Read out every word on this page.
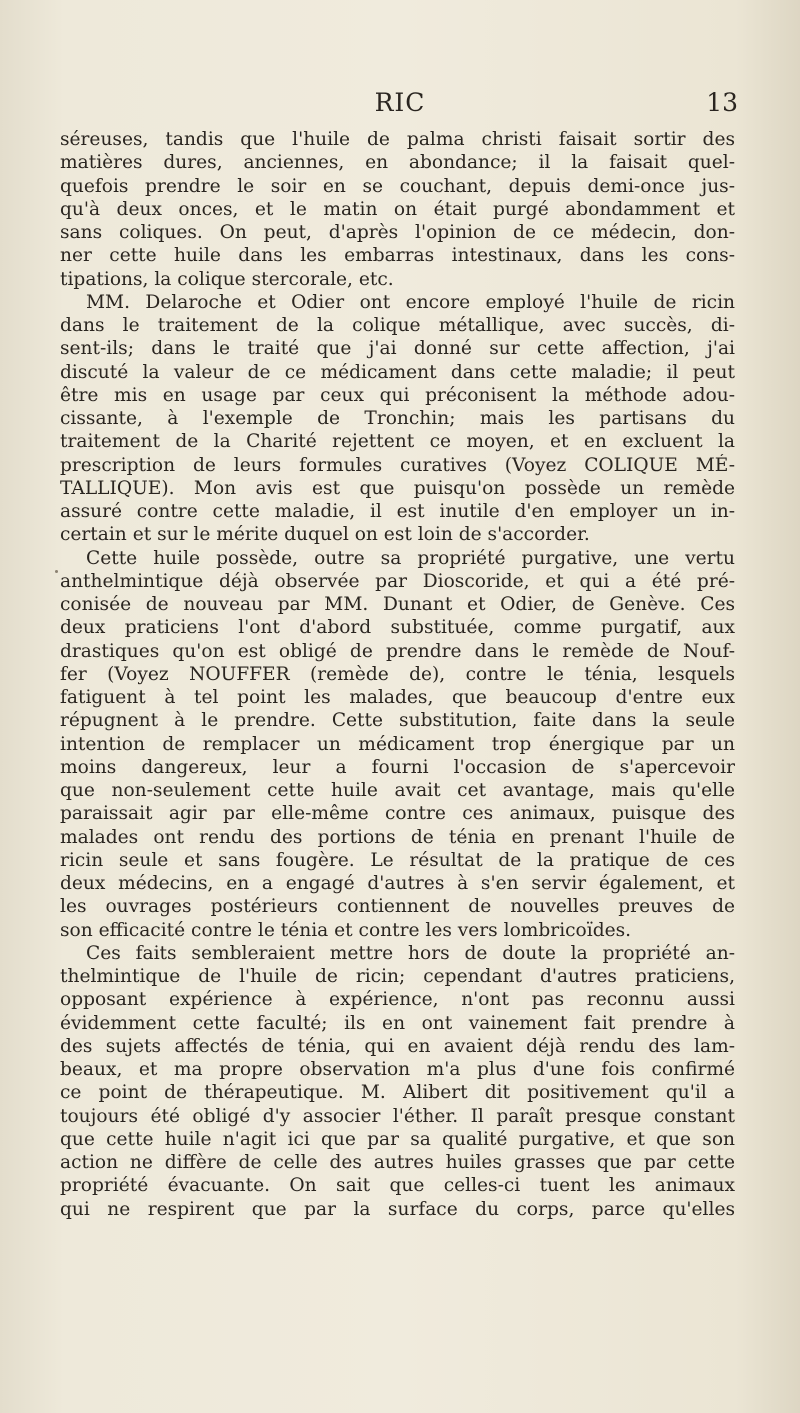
RIC	13
séreuses, tandis que l'huile de palma christi faisait sortir des
matières dures, anciennes, en abondance; il la faisait quel-
quefois prendre le soir en se couchant, depuis demi-once jus-
qu'à deux onces, et le matin on était purgé abondamment et
sans coliques. On peut, d'après l'opinion de ce médecin, don-
ner cette huile dans les embarras intestinaux, dans les cons-
tipations, la colique stercorale, etc.
MM. Delaroche et Odier ont encore employé l'huile de ricin
dans le traitement de la colique métallique, avec succès, di-
sent-ils; dans le traité que j'ai donné sur cette affection, j'ai
discuté la valeur de ce médicament dans cette maladie; il peut
être mis en usage par ceux qui préconisent la méthode adou-
cissante, à l'exemple de Tronchin; mais les partisans du
traitement de la Charité rejettent ce moyen, et en excluent la
prescription de leurs formules curatives (Voyez COLIQUE MÉ-
TALLIQUE). Mon avis est que puisqu'on possède un remède
assuré contre cette maladie, il est inutile d'en employer un in-
certain et sur le mérite duquel on est loin de s'accorder.
Cette huile possède, outre sa propriété purgative, une vertu
anthelmintique déjà observée par Dioscoride, et qui a été pré-
conisée de nouveau par MM. Dunant et Odier, de Genève. Ces
deux praticiens l'ont d'abord substituée, comme purgatif, aux
drastiques qu'on est obligé de prendre dans le remède de Nouf-
fer (Voyez NOUFFER (remède de), contre le ténia, lesquels
fatiguent à tel point les malades, que beaucoup d'entre eux
répugnent à le prendre. Cette substitution, faite dans la seule
intention de remplacer un médicament trop énergique par un
moins dangereux, leur a fourni l'occasion de s'apercevoir
que non-seulement cette huile avait cet avantage, mais qu'elle
paraissait agir par elle-même contre ces animaux, puisque des
malades ont rendu des portions de ténia en prenant l'huile de
ricin seule et sans fougère. Le résultat de la pratique de ces
deux médecins, en a engagé d'autres à s'en servir également, et
les ouvrages postérieurs contiennent de nouvelles preuves de
son efficacité contre le ténia et contre les vers lombricoïdes.
Ces faits sembleraient mettre hors de doute la propriété an-
thelmintique de l'huile de ricin; cependant d'autres praticiens,
opposant expérience à expérience, n'ont pas reconnu aussi
évidemment cette faculté; ils en ont vainement fait prendre à
des sujets affectés de ténia, qui en avaient déjà rendu des lam-
beaux, et ma propre observation m'a plus d'une fois confirmé
ce point de thérapeutique. M. Alibert dit positivement qu'il a
toujours été obligé d'y associer l'éther. Il paraît presque constant
que cette huile n'agit ici que par sa qualité purgative, et que son
action ne diffère de celle des autres huiles grasses que par cette
propriété évacuante. On sait que celles-ci tuent les animaux
qui ne respirent que par la surface du corps, parce qu'elles
